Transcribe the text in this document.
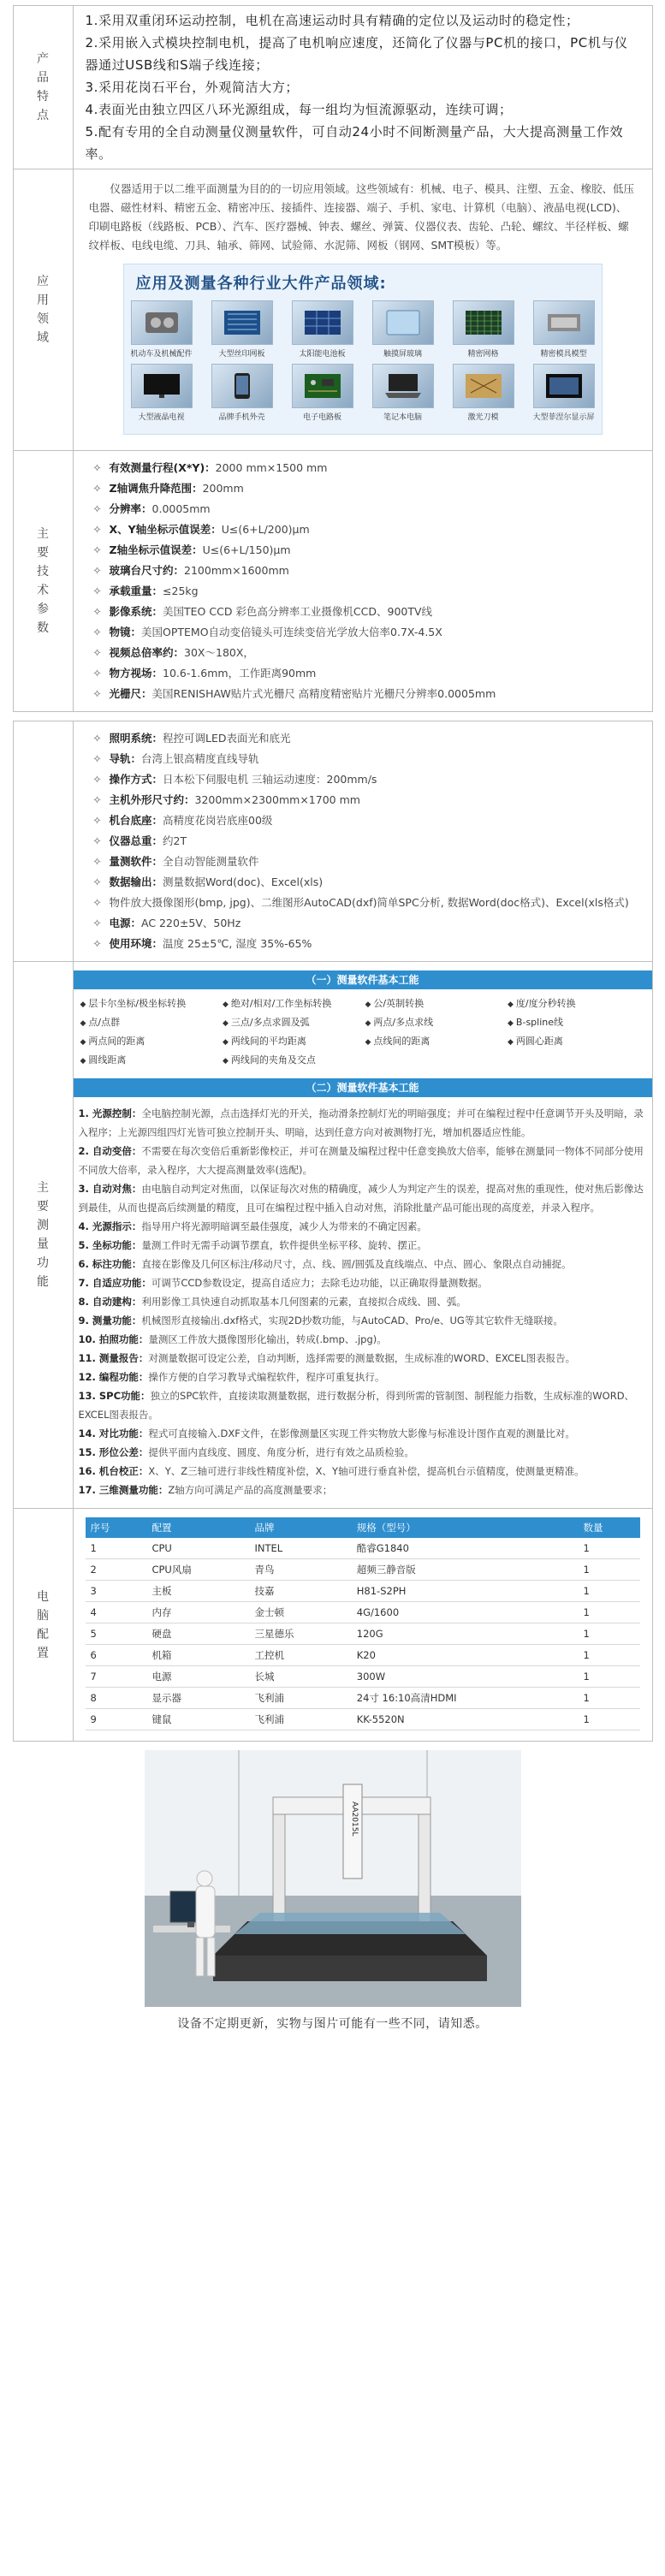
产品特点

1.采用双重闭环运动控制，电机在高速运动时具有精确的定位以及运动时的稳定性；

2.采用嵌入式模块控制电机，提高了电机响应速度，还简化了仪器与PC机的接口，PC机与仪器通过USB线和S端子线连接；

3.采用花岗石平台，外观简洁大方；

4.表面光由独立四区八环光源组成，每一组均为恒流源驱动，连续可调；

5.配有专用的全自动测量仪测量软件，可自动24小时不间断测量产品，大大提高测量工作效率。

应用领域

仪器适用于以二维平面测量为目的的一切应用领域。这些领域有：机械、电子、模具、注塑、五金、橡胶、低压电器、磁性材料、精密五金、精密冲压、接插件、连接器、端子、手机、家电、计算机（电脑）、液晶电视(LCD)、印刷电路板（线路板、PCB）、汽车、医疗器械、钟表、螺丝、弹簧、仪器仪表、齿轮、凸轮、螺纹、半径样板、螺纹样板、电线电缆、刀具、轴承、筛网、试验筛、水泥筛、网板（钢网、SMT模板）等。

应用及测量各种行业大件产品领域:
机动车及机械配件	大型丝印网板	太阳能电池板	触摸屏玻璃	精密网格	精密模具模型
大型液晶电视	品牌手机外壳	电子电路板	笔记本电脑	激光刀模	大型菲涅尔显示屏
主要技术参数
✧ 有效测量行程(X*Y)： 2000 mm×1500 mm
✧ Z轴调焦升降范围： 200mm
✧ 分辨率： 0.0005mm
✧ X、Y轴坐标示值误差： U≤(6+L/200)μm
✧ Z轴坐标示值误差： U≤(6+L/150)μm
✧ 玻璃台尺寸约： 2100mm×1600mm
✧ 承载重量： ≤25kg
✧ 影像系统： 美国TEO CCD 彩色高分辨率工业摄像机CCD、900TV线
✧ 物镜： 美国OPTEMO自动变倍镜头可连续变倍光学放大倍率0.7X-4.5X
✧ 视频总倍率约： 30X～180X，
✧ 物方视场： 10.6-1.6mm，工作距离90mm
✧ 光栅尺： 美国RENISHAW贴片式光栅尺 高精度精密贴片光栅尺分辨率0.0005mm
✧ 照明系统： 程控可调LED表面光和底光
✧ 导轨： 台湾上银高精度直线导轨
✧ 操作方式： 日本松下伺服电机 三轴运动速度：200mm/s
✧ 主机外形尺寸约： 3200mm×2300mm×1700 mm
✧ 机台底座： 高精度花岗岩底座00级
✧ 仪器总重： 约2T
✧ 量测软件： 全自动智能测量软件
✧ 数据输出： 测量数据Word(doc)、Excel(xls)
✧ 物件放大摄像图形(bmp, jpg)、二维图形AutoCAD(dxf)简单SPC分析, 数据Word(doc格式)、Excel(xls格式)
✧ 电源： AC 220±5V、50Hz
✧ 使用环境： 温度 25±5℃, 湿度 35%-65%
主要测量功能
（一）测量软件基本工能
◆ 层卡尔坐标/极坐标转换	◆ 绝对/相对/工作坐标转换	◆ 公/英制转换	◆ 度/度分秒转换
◆ 点/点群	◆ 三点/多点求圆及弧	◆ 两点/多点求线	◆ B-spline线
◆ 两点间的距离	◆ 两线间的平均距离	◆ 点线间的距离	◆ 两圆心距离
◆ 圆线距离	◆ 两线间的夹角及交点
（二）测量软件基本工能

1. 光源控制：全电脑控制光源，点击选择灯光的开关，拖动滑条控制灯光的明暗强度；并可在编程过程中任意调节开头及明暗，录入程序；上光源四组四灯光皆可独立控制开头、明暗，达到任意方向对被测物打光，增加机器适应性能。

2. 自动变倍：不需要在每次变倍后重新影像校正，并可在测量及编程过程中任意变换放大倍率，能够在测量同一物体不同部分使用不同放大倍率，录入程序，大大提高测量效率(选配)。

3. 自动对焦：由电脑自动判定对焦面，以保证每次对焦的精确度，减少人为判定产生的误差，提高对焦的重现性，使对焦后影像达到最佳，从而也提高后续测量的精度，且可在编程过程中插入自动对焦，消除批量产品可能出现的高度差，并录入程序。

4. 光源指示：指导用户将光源明暗调至最佳强度，减少人为带来的不确定因素。

5. 坐标功能：量测工件时无需手动调节摆直，软件提供坐标平移、旋转、摆正。

6. 标注功能：直接在影像及几何区标注/移动尺寸，点、线、圆/圆弧及直线端点、中点、圆心、象限点自动捕捉。

7. 自适应功能：可调节CCD参数设定，提高自适应力；去除毛边功能，以正确取得量测数据。

8. 自动建构：利用影像工具快速自动抓取基本几何图素的元素，直接拟合成线、圆、弧。

9. 测量功能：机械图形直接输出.dxf格式，实现2D抄数功能，与AutoCAD、Pro/e、UG等其它软件无缝联接。

10. 拍照功能：量测区工件放大摄像图形化输出，转成(.bmp、.jpg)。

11. 测量报告：对测量数据可设定公差，自动判断，选择需要的测量数据，生成标准的WORD、EXCEL图表报告。

12. 编程功能：操作方便的自学习教导式编程软件，程序可重复执行。

13. SPC功能：独立的SPC软件，直接读取测量数据，进行数据分析，得到所需的管制图、制程能力指数，生成标准的WORD、EXCEL图表报告。

14. 对比功能：程式可直接输入.DXF文件，在影像测量区实现工件实物放大影像与标准设计图作直观的测量比对。

15. 形位公差：提供平面内直线度、圆度、角度分析，进行有效之品质检验。

16. 机台校正：X、Y、Z三轴可进行非线性精度补偿，X、Y轴可进行垂直补偿，提高机台示值精度，使测量更精准。

17. 三维测量功能：Z轴方向可满足产品的高度测量要求；

电脑配置
序号	配置	品牌	规格（型号）	数量
1	CPU	INTEL	酷睿G1840	1
2	CPU风扇	青鸟	超频三静音版	1
3	主板	技嘉	H81-S2PH	1
4	内存	金士顿	4G/1600	1
5	硬盘	三星德乐	120G	1
6	机箱	工控机	K20	1
7	电源	长城	300W	1
8	显示器	飞利浦	24寸 16:10高清HDMI	1
9	键鼠	飞利浦	KK-5520N	1
AA2015L
设备不定期更新，实物与图片可能有一些不同，请知悉。
